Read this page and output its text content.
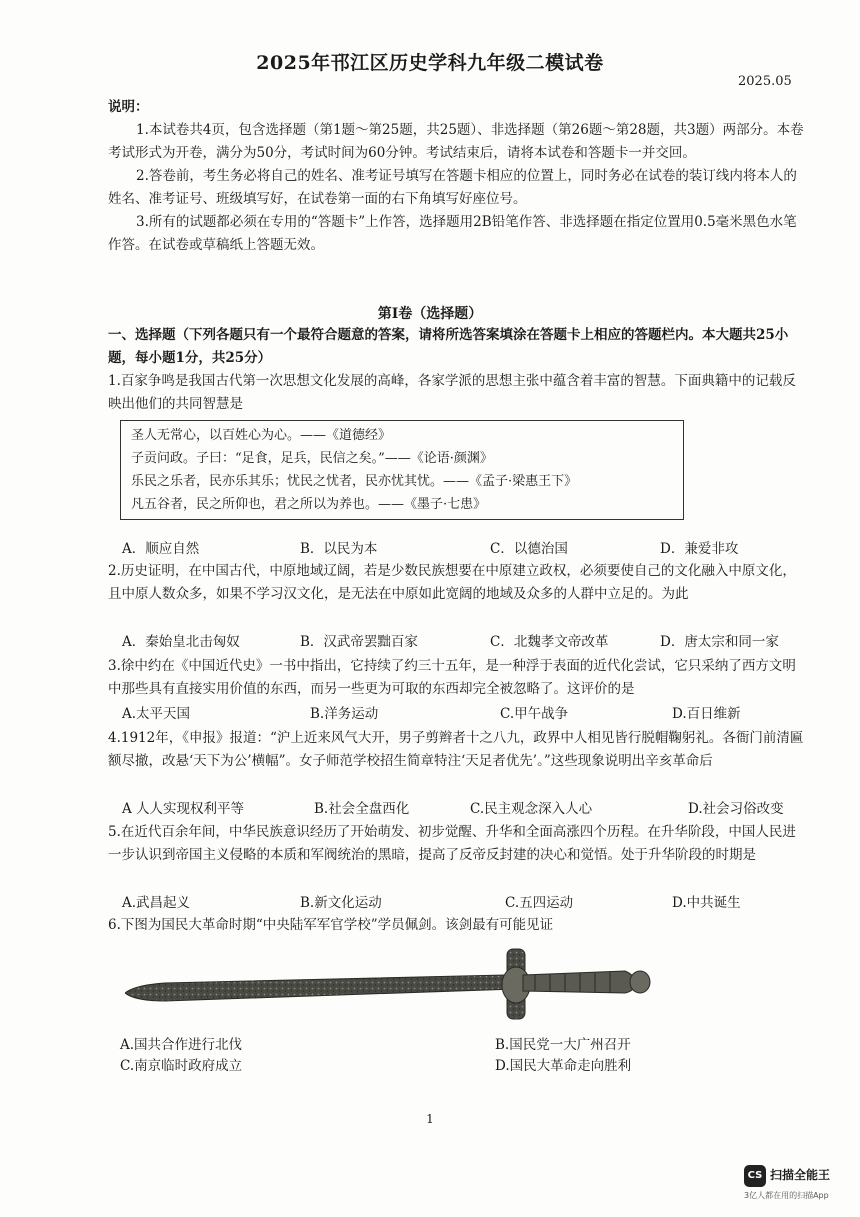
2025年邗江区历史学科九年级二模试卷
2025.05

说明：

1.本试卷共4页，包含选择题（第1题～第25题，共25题）、非选择题（第26题～第28题，共3题）两部分。本卷考试形式为开卷，满分为50分，考试时间为60分钟。考试结束后，请将本试卷和答题卡一并交回。

2.答卷前，考生务必将自己的姓名、准考证号填写在答题卡相应的位置上，同时务必在试卷的装订线内将本人的姓名、准考证号、班级填写好，在试卷第一面的右下角填写好座位号。

3.所有的试题都必须在专用的“答题卡”上作答，选择题用2B铅笔作答、非选择题在指定位置用0.5毫米黑色水笔作答。在试卷或草稿纸上答题无效。

第Ⅰ卷（选择题）
一、选择题（下列各题只有一个最符合题意的答案，请将所选答案填涂在答题卡上相应的答题栏内。本大题共25小题，每小题1分，共25分）
1.百家争鸣是我国古代第一次思想文化发展的高峰，各家学派的思想主张中蕴含着丰富的智慧。下面典籍中的记载反映出他们的共同智慧是
圣人无常心，以百姓心为心。——《道德经》
子贡问政。子曰：“足食，足兵，民信之矣。”——《论语·颜渊》
乐民之乐者，民亦乐其乐；忧民之忧者，民亦忧其忧。——《孟子·梁惠王下》
凡五谷者，民之所仰也，君之所以为养也。——《墨子·七患》
A．顺应自然	B．以民为本	C．以德治国	D．兼爱非攻
2.历史证明，在中国古代，中原地域辽阔，若是少数民族想要在中原建立政权，必须要使自己的文化融入中原文化，且中原人数众多，如果不学习汉文化，是无法在中原如此宽阔的地域及众多的人群中立足的。为此
A．秦始皇北击匈奴	B．汉武帝罢黜百家	C．北魏孝文帝改革	D．唐太宗和同一家
3.徐中约在《中国近代史》一书中指出，它持续了约三十五年，是一种浮于表面的近代化尝试，它只采纳了西方文明中那些具有直接实用价值的东西，而另一些更为可取的东西却完全被忽略了。这评价的是
A.太平天国	B.洋务运动	C.甲午战争	D.百日维新
4.1912年，《申报》报道：“沪上近来风气大开，男子剪辫者十之八九，政界中人相见皆行脱帽鞠躬礼。各衙门前清匾额尽撤，改悬‘天下为公’横幅”。女子师范学校招生简章特注‘天足者优先’。”这些现象说明出辛亥革命后
A 人人实现权利平等	B.社会全盘西化	C.民主观念深入人心	D.社会习俗改变
5.在近代百余年间，中华民族意识经历了开始萌发、初步觉醒、升华和全面高涨四个历程。在升华阶段，中国人民进一步认识到帝国主义侵略的本质和军阀统治的黑暗，提高了反帝反封建的决心和觉悟。处于升华阶段的时期是
A.武昌起义	B.新文化运动	C.五四运动	D.中共诞生
6.下图为国民大革命时期“中央陆军军官学校”学员佩剑。该剑最有可能见证
A.国共合作进行北伐	B.国民党一大广州召开
C.南京临时政府成立	D.国民大革命走向胜利
1
CS 扫描全能王
3亿人都在用的扫描App
